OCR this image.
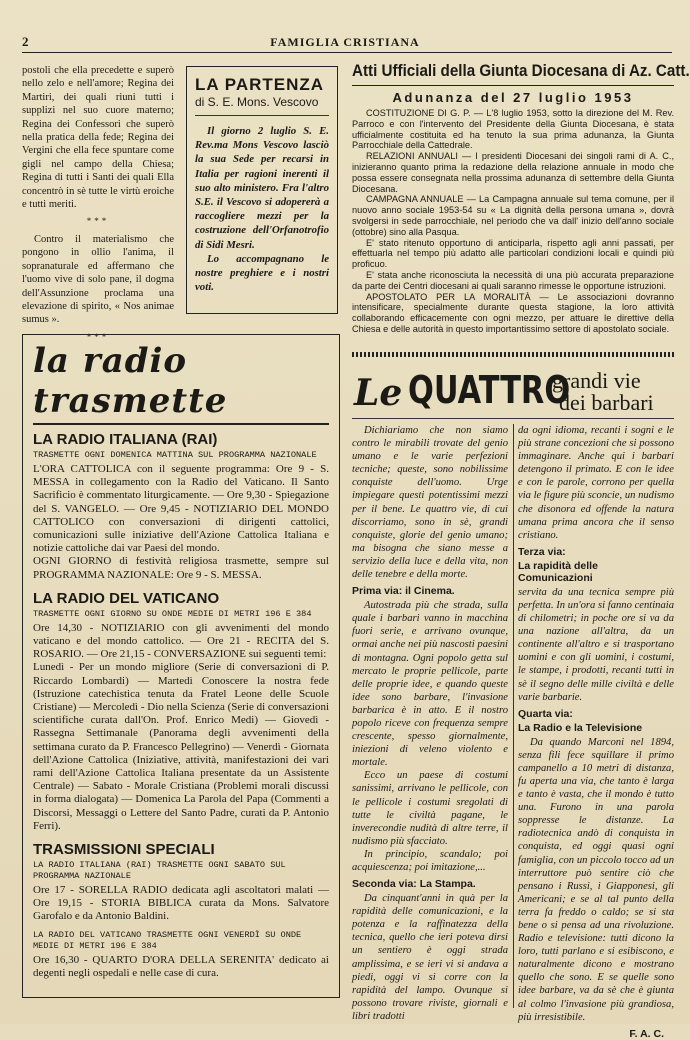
2	FAMIGLIA CRISTIANA

postoli che ella precedette e superò nello zelo e nell'amore; Regina dei Martiri, dei quali riuni tutti i supplizi nel suo cuore materno; Regina dei Confessori che superò nella pratica della fede; Regina dei Vergini che ella fece spuntare come gigli nel campo della Chiesa; Regina di tutti i Santi dei quali Ella concentrò in sè tutte le virtù eroiche e tutti meriti.

***

Contro il materialismo che pongono in ollio l'anima, il sopranaturale ed affermano che l'uomo vive di solo pane, il dogma dell'Assunzione proclama una elevazione di spirito, « Nos animae sumus ».

***

LA PARTENZA

di S. E. Mons. Vescovo

Il giorno 2 luglio S. E. Rev.ma Mons Vescovo lasciò la sua Sede per recarsi in Italia per ragioni inerenti il suo alto ministero. Fra l'altro S.E. il Vescovo si adopererà a raccogliere mezzi per la costruzione dell'Orfanotrofio di Sidi Mesri.

Lo accompagnano le nostre preghiere e i nostri voti.

Atti Ufficiali della Giunta Diocesana di Az. Catt.

Adunanza del 27 luglio 1953

COSTITUZIONE DI G. P. — L'8 luglio 1953, sotto la direzione del M. Rev. Parroco e con l'intervento del Presidente della Giunta Diocesana, è stata ufficialmente costituita ed ha tenuto la sua prima adunanza, la Giunta Parrocchiale della Cattedrale.

RELAZIONI ANNUALI — I presidenti Diocesani dei singoli rami di A. C., inizieranno quanto prima la redazione della relazione annuale in modo che possa essere consegnata nella prossima adunanza di settembre della Giunta Diocesana.

CAMPAGNA ANNUALE — La Campagna annuale sul tema comune, per il nuovo anno sociale 1953-54 su « La dignità della persona umana », dovrà svolgersi in sede parrocchiale, nel periodo che va dall' inizio dell'anno sociale (ottobre) sino alla Pasqua.

E' stato ritenuto opportuno di anticiparla, rispetto agli anni passati, per effettuarla nel tempo più adatto alle particolari condizioni locali e quindi più proficuo.

E' stata anche riconosciuta la necessità di una più accurata preparazione da parte dei Centri diocesani ai quali saranno rimesse le opportune istruzioni.

APOSTOLATO PER LA MORALITÀ — Le associazioni dovranno intensificare, specialmente durante questa stagione, la loro attività collaborando efficacemente con ogni mezzo, per attuare le direttive della Chiesa e delle autorità in questo importantissimo settore di apostolato sociale.

la radio trasmette

LA RADIO ITALIANA (RAI)

TRASMETTE OGNI DOMENICA MATTINA SUL PROGRAMMA NAZIONALE

L'ORA CATTOLICA con il seguente programma: Ore 9 - S. MESSA in collegamento con la Radio del Vaticano. Il Santo Sacrificio è commentato liturgicamente. — Ore 9,30 - Spiegazione del S. VANGELO. — Ore 9,45 - NOTIZIARIO DEL MONDO CATTOLICO con conversazioni di dirigenti cattolici, comunicazioni sulle iniziative dell'Azione Cattolica Italiana e notizie cattoliche dai var Paesi del mondo.

OGNI GIORNO di festività religiosa trasmette, sempre sul PROGRAMMA NAZIONALE: Ore 9 - S. MESSA.

LA RADIO DEL VATICANO

TRASMETTE OGNI GIORNO SU ONDE MEDIE DI METRI 196 E 384

Ore 14,30 - NOTIZIARIO con gli avvenimenti del mondo vaticano e del mondo cattolico. — Ore 21 - RECITA del S. ROSARIO. — Ore 21,15 - CONVERSAZIONE sui seguenti temi:

Lunedì - Per un mondo migliore (Serie di conversazioni di P. Riccardo Lombardi) — Martedì Conoscere la nostra fede (Istruzione catechistica tenuta da Fratel Leone delle Scuole Cristiane) — Mercoledì - Dio nella Scienza (Serie di conversazioni scientifiche curata dall'On. Prof. Enrico Medi) — Giovedì - Rassegna Settimanale (Panorama degli avvenimenti della settimana curato da P. Francesco Pellegrino) — Venerdì - Giornata dell'Azione Cattolica (Iniziative, attività, manifestazioni dei vari rami dell'Azione Cattolica Italiana presentate da un Assistente Centrale) — Sabato - Morale Cristiana (Problemi morali discussi in forma dialogata) — Domenica La Parola del Papa (Commenti a Discorsi, Messaggi o Lettere del Santo Padre, curati da P. Antonio Ferri).

TRASMISSIONI SPECIALI

LA RADIO ITALIANA (RAI) TRASMETTE OGNI SABATO SUL PROGRAMMA NAZIONALE

Ore 17 - SORELLA RADIO dedicata agli ascoltatori malati — Ore 19,15 - STORIA BIBLICA curata da Mons. Salvatore Garofalo e da Antonio Baldini.

LA RADIO DEL VATICANO TRASMETTE OGNI VENERDÌ SU ONDE MEDIE DI METRI 196 E 384

Ore 16,30 - QUARTO D'ORA DELLA SERENITA' dedicato ai degenti negli ospedali e nelle case di cura.

Le QUATTRO
grandi vie
dei barbari

Dichiariamo che non siamo contro le mirabili trovate del genio umano e le varie perfezioni tecniche; queste, sono nobilissime conquiste dell'uomo. Urge impiegare questi potentissimi mezzi per il bene. Le quattro vie, di cui discorriamo, sono in sè, grandi conquiste, glorie del genio umano; ma bisogna che siano messe a servizio della luce e della vita, non delle tenebre e della morte.

Prima via: il Cinema.

Autostrada più che strada, sulla quale i barbari vanno in macchina fuori serie, e arrivano ovunque, ormai anche nei più nascosti paesini di montagna. Ogni popolo getta sul mercato le proprie pellicole, parte delle proprie idee, e quando queste idee sono barbare, l'invasione barbarica è in atto. E il nostro popolo riceve con frequenza sempre crescente, spesso giornalmente, iniezioni di veleno violento e mortale.

Ecco un paese di costumi sanissimi, arrivano le pellicole, con le pellicole i costumi sregolati di tutte le civiltà pagane, le inverecondie nudità di altre terre, il nudismo più sfacciato.

In principio, scandalo; poi acquiescenza; poi imitazione,...

Seconda via: La Stampa.

Da cinquant'anni in quà per la rapidità delle comunicazioni, e la potenza e la raffinatezza della tecnica, quello che ieri poteva dirsi un sentiero è oggi strada amplissima, e se ieri vi si andava a piedi, oggi vi si corre con la rapidità del lampo. Ovunque si possono trovare riviste, giornali e libri tradotti

da ogni idioma, recanti i sogni e le più strane concezioni che si possono immaginare. Anche qui i barbari detengono il primato. E con le idee e con le parole, corrono per quella via le figure più sconcie, un nudismo che disonora ed offende la natura umana prima ancora che il senso cristiano.

Terza via:

La rapidità delle Comunicazioni

servita da una tecnica sempre più perfetta. In un'ora si fanno centinaia di chilometri; in poche ore si va da una nazione all'altra, da un continente all'altro e si trasportano uomini e con gli uomini, i costumi, le stampe, i prodotti, recanti tutti in sè il segno delle mille civiltà e delle varie barbarie.

Quarta via:

La Radio e la Televisione

Da quando Marconi nel 1894, senza fili fece squillare il primo campanello a 10 metri di distanza, fu aperta una via, che tanto è larga e tanto è vasta, che il mondo è tutto una. Furono in una parola soppresse le distanze. La radiotecnica andò di conquista in conquista, ed oggi quasi ogni famiglia, con un piccolo tocco ad un interruttore può sentire ciò che pensano i Russi, i Giapponesi, gli Americani; e se al tal punto della terra fa freddo o caldo; se si sta bene o si pensa ad una rivoluzione. Radio e televisione: tutti dicono la loro, tutti parlano e si esibiscono, e naturalmente dicono e mostrano quello che sono. E se quelle sono idee barbare, va da sè che è giunta al colmo l'invasione più grandiosa, più irresistibile.

F. A. C.
